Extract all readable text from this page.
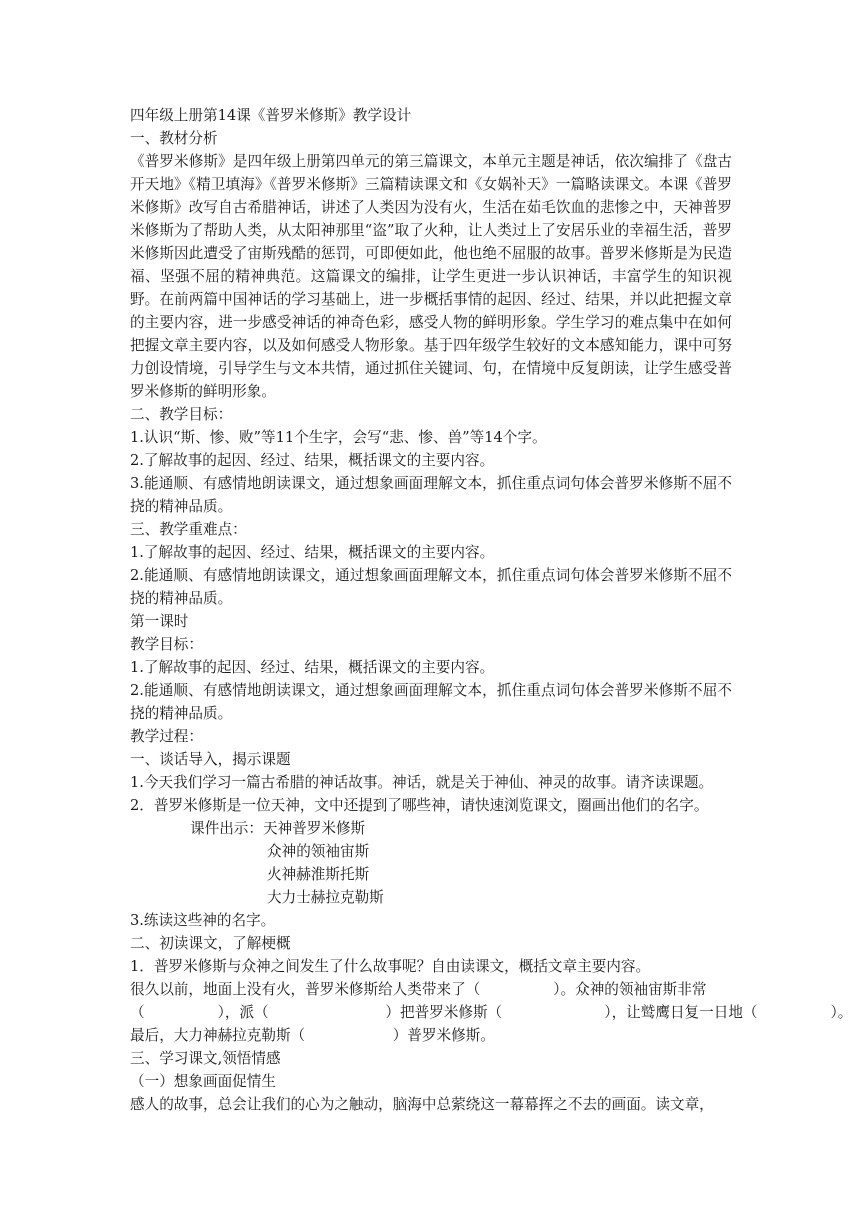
四年级上册第14课《普罗米修斯》教学设计
一、教材分析
《普罗米修斯》是四年级上册第四单元的第三篇课文，本单元主题是神话，依次编排了《盘古开天地》《精卫填海》《普罗米修斯》三篇精读课文和《女娲补天》一篇略读课文。本课《普罗米修斯》改写自古希腊神话，讲述了人类因为没有火，生活在茹毛饮血的悲惨之中，天神普罗米修斯为了帮助人类，从太阳神那里“盗”取了火种，让人类过上了安居乐业的幸福生活，普罗米修斯因此遭受了宙斯残酷的惩罚，可即便如此，他也绝不屈服的故事。普罗米修斯是为民造福、坚强不屈的精神典范。这篇课文的编排，让学生更进一步认识神话，丰富学生的知识视野。在前两篇中国神话的学习基础上，进一步概括事情的起因、经过、结果，并以此把握文章的主要内容，进一步感受神话的神奇色彩，感受人物的鲜明形象。学生学习的难点集中在如何把握文章主要内容，以及如何感受人物形象。基于四年级学生较好的文本感知能力，课中可努力创设情境，引导学生与文本共情，通过抓住关键词、句，在情境中反复朗读，让学生感受普罗米修斯的鲜明形象。
二、教学目标：
1.认识“斯、惨、败”等11个生字，会写“悲、惨、兽”等14个字。
2.了解故事的起因、经过、结果，概括课文的主要内容。
3.能通顺、有感情地朗读课文，通过想象画面理解文本，抓住重点词句体会普罗米修斯不屈不挠的精神品质。
三、教学重难点：
1.了解故事的起因、经过、结果，概括课文的主要内容。
2.能通顺、有感情地朗读课文，通过想象画面理解文本，抓住重点词句体会普罗米修斯不屈不挠的精神品质。
第一课时
教学目标：
1.了解故事的起因、经过、结果，概括课文的主要内容。
2.能通顺、有感情地朗读课文，通过想象画面理解文本，抓住重点词句体会普罗米修斯不屈不挠的精神品质。
教学过程：
一、谈话导入，揭示课题
1.今天我们学习一篇古希腊的神话故事。神话，就是关于神仙、神灵的故事。请齐读课题。
2．普罗米修斯是一位天神，文中还提到了哪些神，请快速浏览课文，圈画出他们的名字。
课件出示：天神普罗米修斯
众神的领袖宙斯
火神赫淮斯托斯
大力士赫拉克勒斯
3.练读这些神的名字。
二、初读课文，了解梗概
1．普罗米修斯与众神之间发生了什么故事呢？自由读课文，概括文章主要内容。
很久以前，地面上没有火，普罗米修斯给人类带来了（　　　　　）。众神的领袖宙斯非常
（　　　　　），派（　　　　　　　　）把普罗米修斯（　　　　　　　），让鹫鹰日复一日地（　　　　　）。
最后，大力神赫拉克勒斯（　　　　　　）普罗米修斯。
三、学习课文,领悟情感
（一）想象画面促情生
感人的故事，总会让我们的心为之触动，脑海中总萦绕这一幕幕挥之不去的画面。读文章，
